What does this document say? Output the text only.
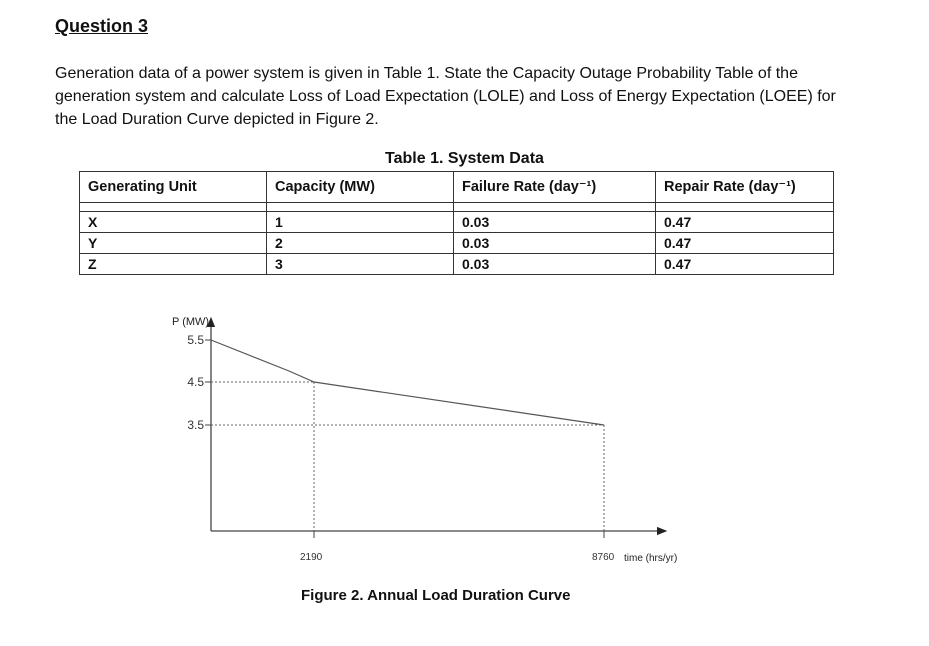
Question 3
Generation data of a power system is given in Table 1. State the Capacity Outage Probability Table of the generation system and calculate Loss of Load Expectation (LOLE) and Loss of Energy Expectation (LOEE) for the Load Duration Curve depicted in Figure 2.
Table 1. System Data
Generating Unit	Capacity (MW)	Failure Rate (day⁻¹)	Repair Rate (day⁻¹)

X	1	0.03	0.47
Y	2	0.03	0.47
Z	3	0.03	0.47
P (MW)
time (hrs/yr)
5.5
4.5
3.5
2190	8760
Figure 2. Annual Load Duration Curve
